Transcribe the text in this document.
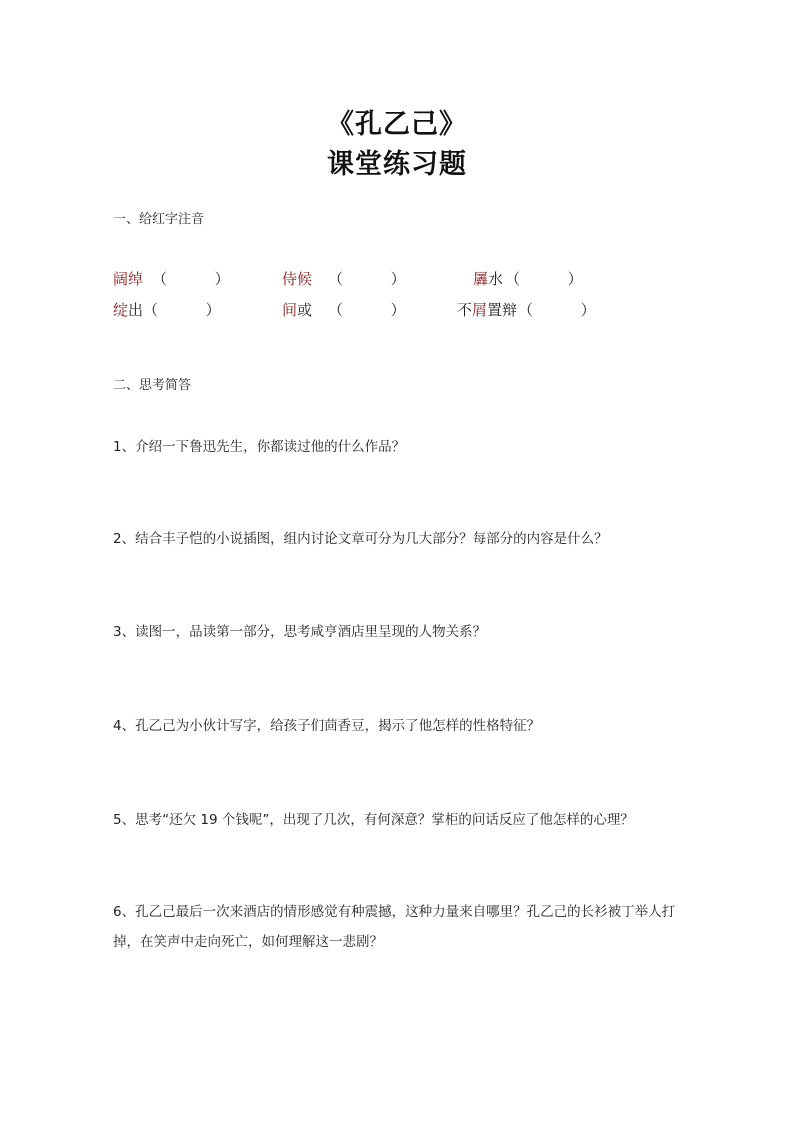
《孔乙己》
课堂练习题
一、给红字注音
阔绰 （          ）	侍候 （          ）	羼水 （          ）
绽出 （          ）	间或 （          ）	不屑置辩 （          ）
二、思考简答
1、介绍一下鲁迅先生，你都读过他的什么作品？
2、结合丰子恺的小说插图，组内讨论文章可分为几大部分？每部分的内容是什么？
3、读图一，品读第一部分，思考咸亨酒店里呈现的人物关系？
4、孔乙己为小伙计写字，给孩子们茴香豆，揭示了他怎样的性格特征？
5、思考“还欠 19 个钱呢”，出现了几次，有何深意？掌柜的问话反应了他怎样的心理？
6、孔乙己最后一次来酒店的情形感觉有种震撼，这种力量来自哪里？孔乙己的长衫被丁举人打掉，在笑声中走向死亡，如何理解这一悲剧？
